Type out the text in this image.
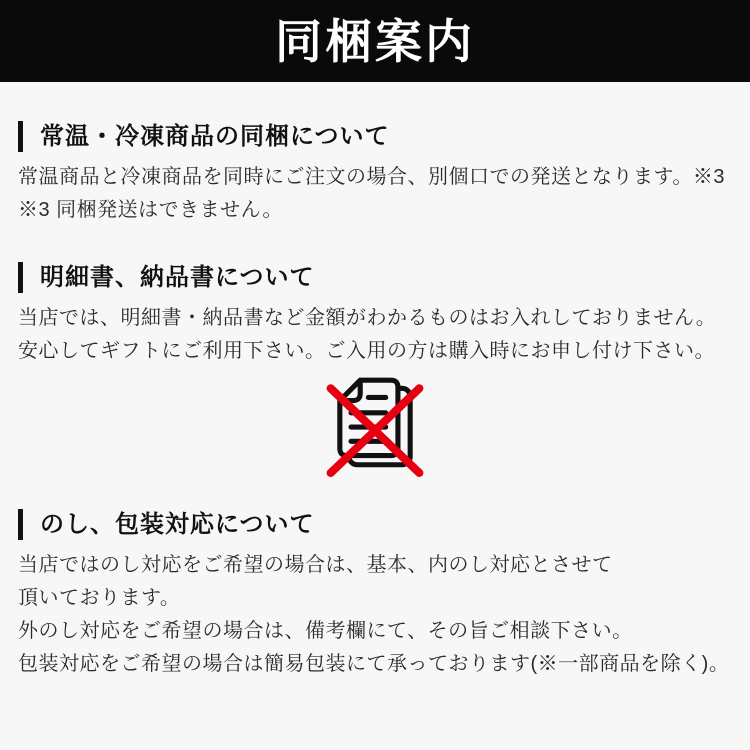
同梱案内
常温・冷凍商品の同梱について

常温商品と冷凍商品を同時にご注文の場合、別個口での発送となります。※3

※3 同梱発送はできません。

明細書、納品書について

当店では、明細書・納品書など金額がわかるものはお入れしておりません。

安心してギフトにご利用下さい。ご入用の方は購入時にお申し付け下さい。

のし、包装対応について

当店ではのし対応をご希望の場合は、基本、内のし対応とさせて

頂いております。

外のし対応をご希望の場合は、備考欄にて、その旨ご相談下さい。

包装対応をご希望の場合は簡易包装にて承っております(※一部商品を除く)。
